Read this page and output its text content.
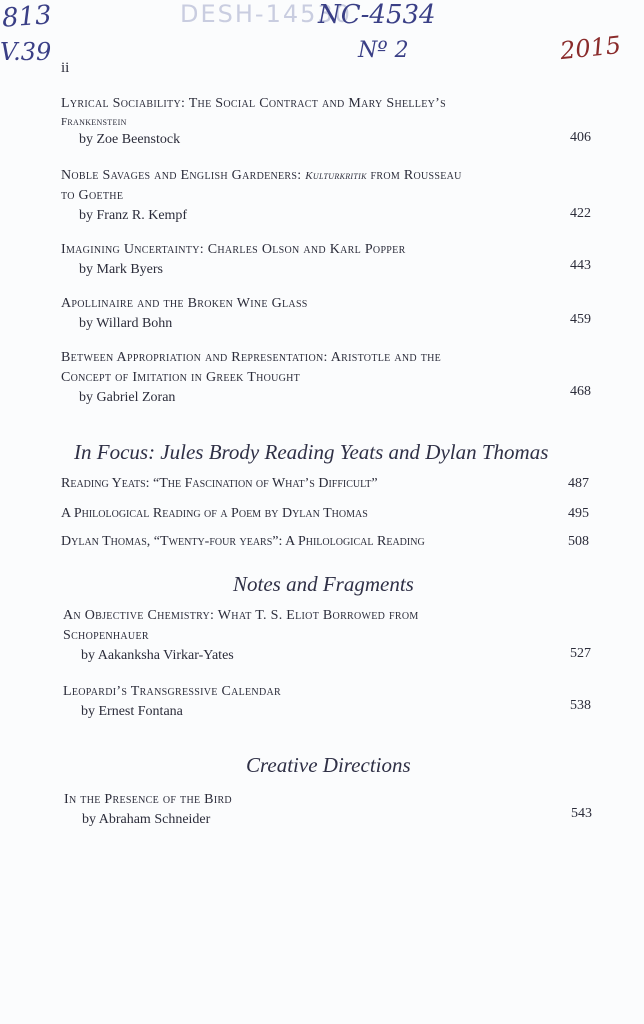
813
V.39
DESH-14530
NC-4534
Nº 2	2015
ii
Lyrical Sociability: The Social Contract and Mary Shelley’s
Frankenstein
by Zoe Beenstock	406
Noble Savages and English Gardeners: Kulturkritik from Rousseau
to Goethe
by Franz R. Kempf	422
Imagining Uncertainty: Charles Olson and Karl Popper
by Mark Byers	443
Apollinaire and the Broken Wine Glass
by Willard Bohn	459
Between Appropriation and Representation: Aristotle and the
Concept of Imitation in Greek Thought
by Gabriel Zoran	468
In Focus: Jules Brody Reading Yeats and Dylan Thomas
Reading Yeats: “The Fascination of What’s Difficult”	487
A Philological Reading of a Poem by Dylan Thomas	495
Dylan Thomas, “Twenty-four years”: A Philological Reading	508
Notes and Fragments
An Objective Chemistry: What T. S. Eliot Borrowed from
Schopenhauer
by Aakanksha Virkar-Yates	527
Leopardi’s Transgressive Calendar
by Ernest Fontana	538
Creative Directions
In the Presence of the Bird
by Abraham Schneider	543
